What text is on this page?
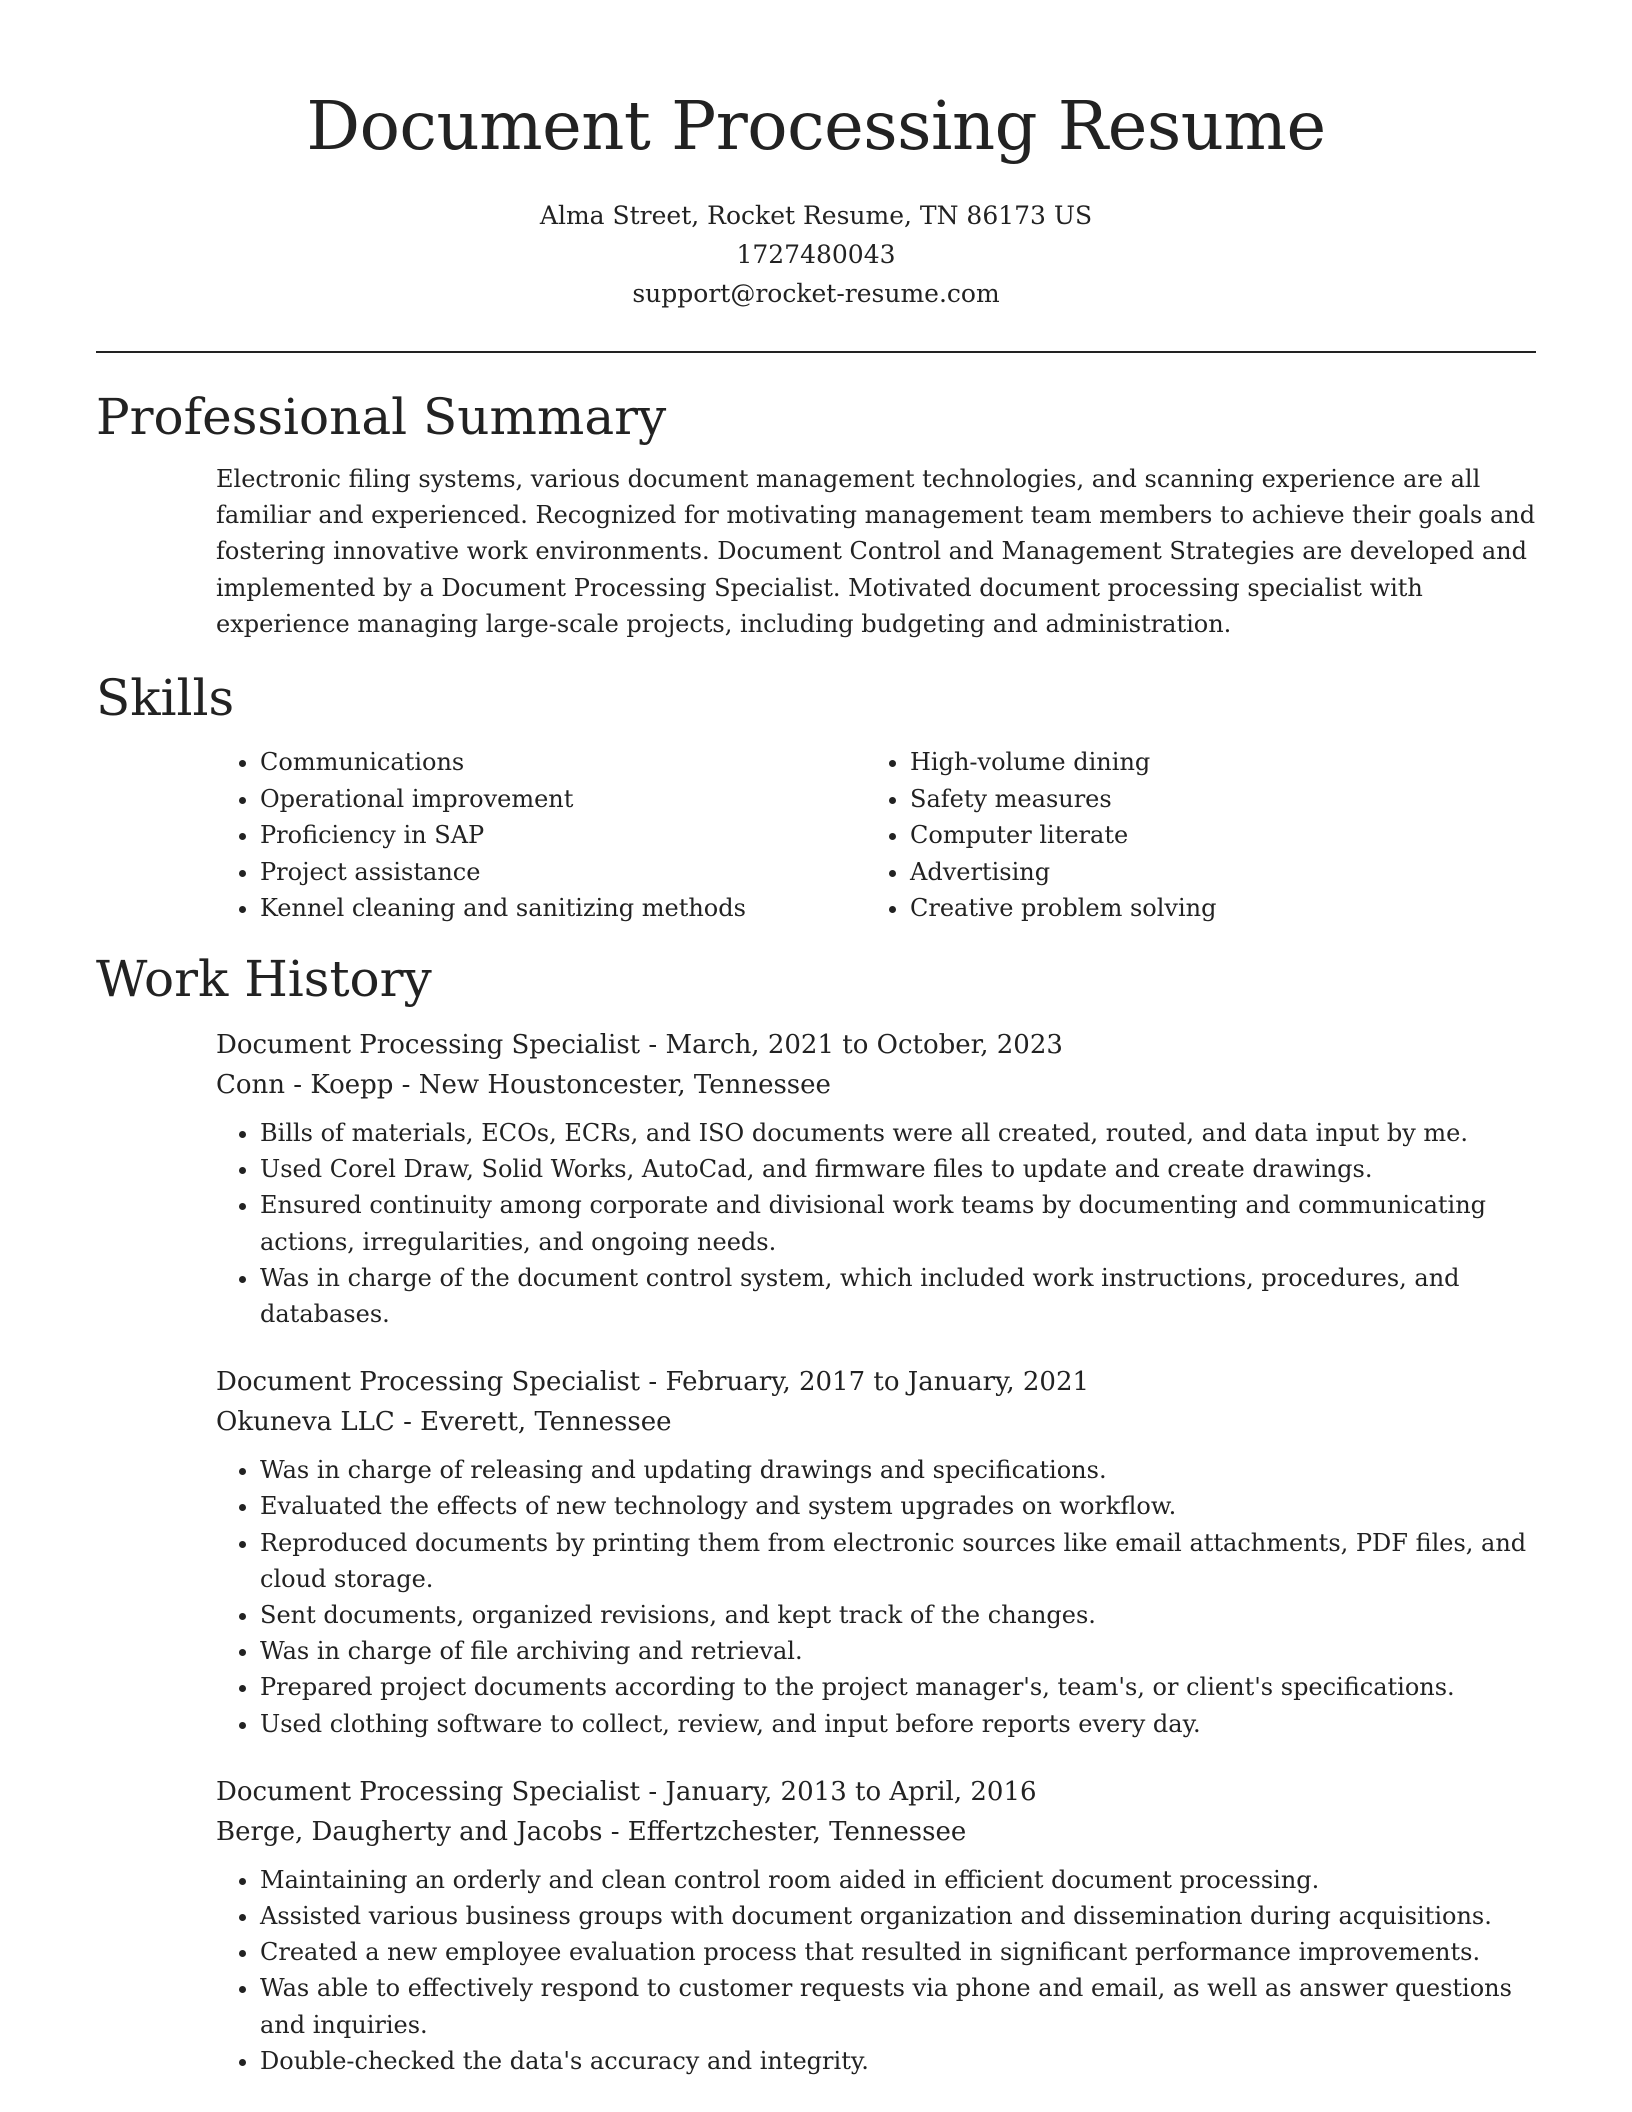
Document Processing Resume

Alma Street, Rocket Resume, TN 86173 US

1727480043

support@rocket-resume.com

Professional Summary

Electronic filing systems, various document management technologies, and scanning experience are all familiar and experienced. Recognized for motivating management team members to achieve their goals and fostering innovative work environments. Document Control and Management Strategies are developed and implemented by a Document Processing Specialist. Motivated document processing specialist with experience managing large-scale projects, including budgeting and administration.

Skills
• Communications
• Operational improvement
• Proficiency in SAP
• Project assistance
• Kennel cleaning and sanitizing methods
• High-volume dining
• Safety measures
• Computer literate
• Advertising
• Creative problem solving
Work History

Document Processing Specialist - March, 2021 to October, 2023

Conn - Koepp - New Houstoncester, Tennessee

• Bills of materials, ECOs, ECRs, and ISO documents were all created, routed, and data input by me.
• Used Corel Draw, Solid Works, AutoCad, and firmware files to update and create drawings.
• Ensured continuity among corporate and divisional work teams by documenting and communicating actions, irregularities, and ongoing needs.
• Was in charge of the document control system, which included work instructions, procedures, and databases.

Document Processing Specialist - February, 2017 to January, 2021

Okuneva LLC - Everett, Tennessee

• Was in charge of releasing and updating drawings and specifications.
• Evaluated the effects of new technology and system upgrades on workflow.
• Reproduced documents by printing them from electronic sources like email attachments, PDF files, and cloud storage.
• Sent documents, organized revisions, and kept track of the changes.
• Was in charge of file archiving and retrieval.
• Prepared project documents according to the project manager's, team's, or client's specifications.
• Used clothing software to collect, review, and input before reports every day.

Document Processing Specialist - January, 2013 to April, 2016

Berge, Daugherty and Jacobs - Effertzchester, Tennessee

• Maintaining an orderly and clean control room aided in efficient document processing.
• Assisted various business groups with document organization and dissemination during acquisitions.
• Created a new employee evaluation process that resulted in significant performance improvements.
• Was able to effectively respond to customer requests via phone and email, as well as answer questions and inquiries.
• Double-checked the data's accuracy and integrity.
